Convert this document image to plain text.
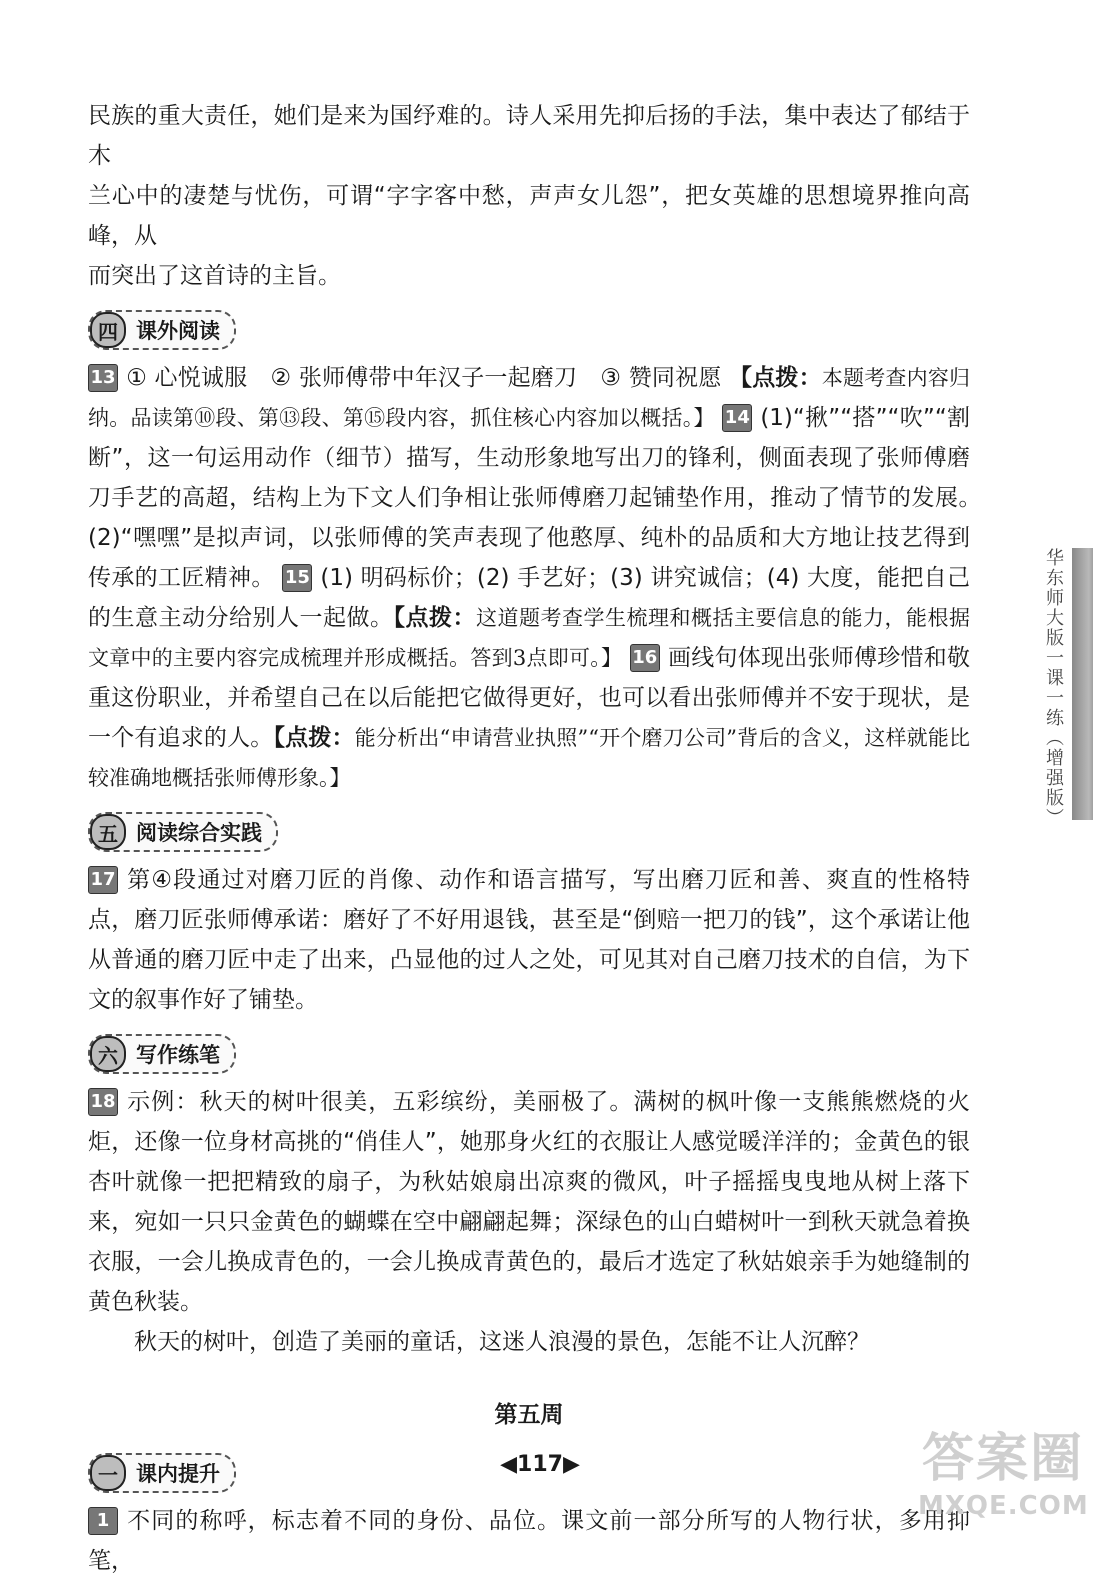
民族的重大责任，她们是来为国纾难的。诗人采用先抑后扬的手法，集中表达了郁结于木

兰心中的凄楚与忧伤，可谓“字字客中愁，声声女儿怨”，把女英雄的思想境界推向高峰，从

而突出了这首诗的主旨。

四 课外阅读

13 ① 心悦诚服　② 张师傅带中年汉子一起磨刀　③ 赞同祝愿 【点拨：本题考查内容归纳。品读第⑩段、第⑬段、第⑮段内容，抓住核心内容加以概括。】 14 (1)“揪”“搭”“吹”“割断”，这一句运用动作（细节）描写，生动形象地写出刀的锋利，侧面表现了张师傅磨刀手艺的高超，结构上为下文人们争相让张师傅磨刀起铺垫作用，推动了情节的发展。　(2)“嘿嘿”是拟声词，以张师傅的笑声表现了他憨厚、纯朴的品质和大方地让技艺得到传承的工匠精神。 15 (1) 明码标价；(2) 手艺好；(3) 讲究诚信；(4) 大度，能把自己的生意主动分给别人一起做。【点拨：这道题考查学生梳理和概括主要信息的能力，能根据文章中的主要内容完成梳理并形成概括。答到3点即可。】 16 画线句体现出张师傅珍惜和敬重这份职业，并希望自己在以后能把它做得更好，也可以看出张师傅并不安于现状，是一个有追求的人。【点拨：能分析出“申请营业执照”“开个磨刀公司”背后的含义，这样就能比较准确地概括张师傅形象。】

五 阅读综合实践

17 第④段通过对磨刀匠的肖像、动作和语言描写，写出磨刀匠和善、爽直的性格特点，磨刀匠张师傅承诺：磨好了不好用退钱，甚至是“倒赔一把刀的钱”，这个承诺让他从普通的磨刀匠中走了出来，凸显他的过人之处，可见其对自己磨刀技术的自信，为下文的叙事作好了铺垫。

六 写作练笔

18 示例：秋天的树叶很美，五彩缤纷，美丽极了。满树的枫叶像一支熊熊燃烧的火炬，还像一位身材高挑的“俏佳人”，她那身火红的衣服让人感觉暖洋洋的；金黄色的银杏叶就像一把把精致的扇子，为秋姑娘扇出凉爽的微风，叶子摇摇曳曳地从树上落下来，宛如一只只金黄色的蝴蝶在空中翩翩起舞；深绿色的山白蜡树叶一到秋天就急着换衣服，一会儿换成青色的，一会儿换成青黄色的，最后才选定了秋姑娘亲手为她缝制的黄色秋装。

秋天的树叶，创造了美丽的童话，这迷人浪漫的景色，怎能不让人沉醉？

第五周
一 课内提升

1 不同的称呼，标志着不同的身份、品位。课文前一部分所写的人物行状，多用抑笔，

华东师大版一课一练（增强版）
◀117▶	答案圈
MXQE.COM
